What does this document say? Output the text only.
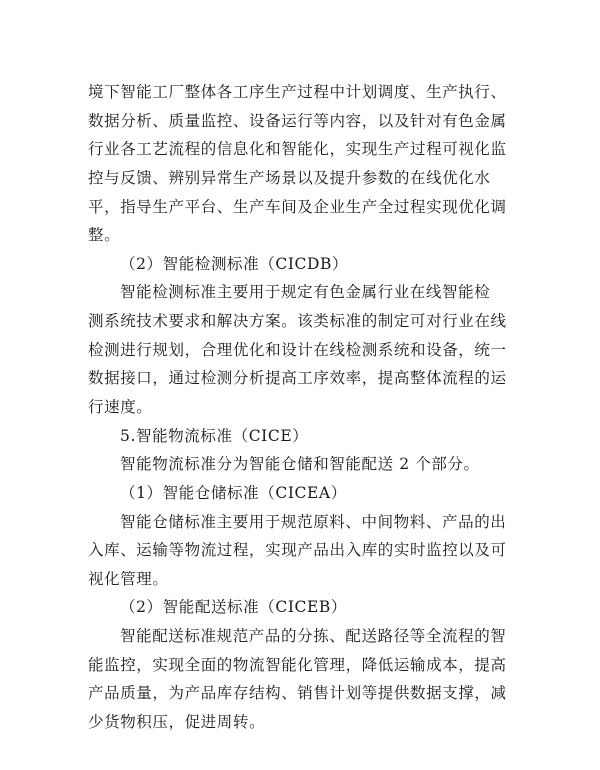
境下智能工厂整体各工序生产过程中计划调度、生产执行、
数据分析、质量监控、设备运行等内容，以及针对有色金属
行业各工艺流程的信息化和智能化，实现生产过程可视化监
控与反馈、辨别异常生产场景以及提升参数的在线优化水
平，指导生产平台、生产车间及企业生产全过程实现优化调
整。
（2）智能检测标准（CICDB）
智能检测标准主要用于规定有色金属行业在线智能检
测系统技术要求和解决方案。该类标准的制定可对行业在线
检测进行规划，合理优化和设计在线检测系统和设备，统一
数据接口，通过检测分析提高工序效率，提高整体流程的运
行速度。
5.智能物流标准（CICE）
智能物流标准分为智能仓储和智能配送 2 个部分。
（1）智能仓储标准（CICEA）
智能仓储标准主要用于规范原料、中间物料、产品的出
入库、运输等物流过程，实现产品出入库的实时监控以及可
视化管理。
（2）智能配送标准（CICEB）
智能配送标准规范产品的分拣、配送路径等全流程的智
能监控，实现全面的物流智能化管理，降低运输成本，提高
产品质量，为产品库存结构、销售计划等提供数据支撑，减
少货物积压，促进周转。
